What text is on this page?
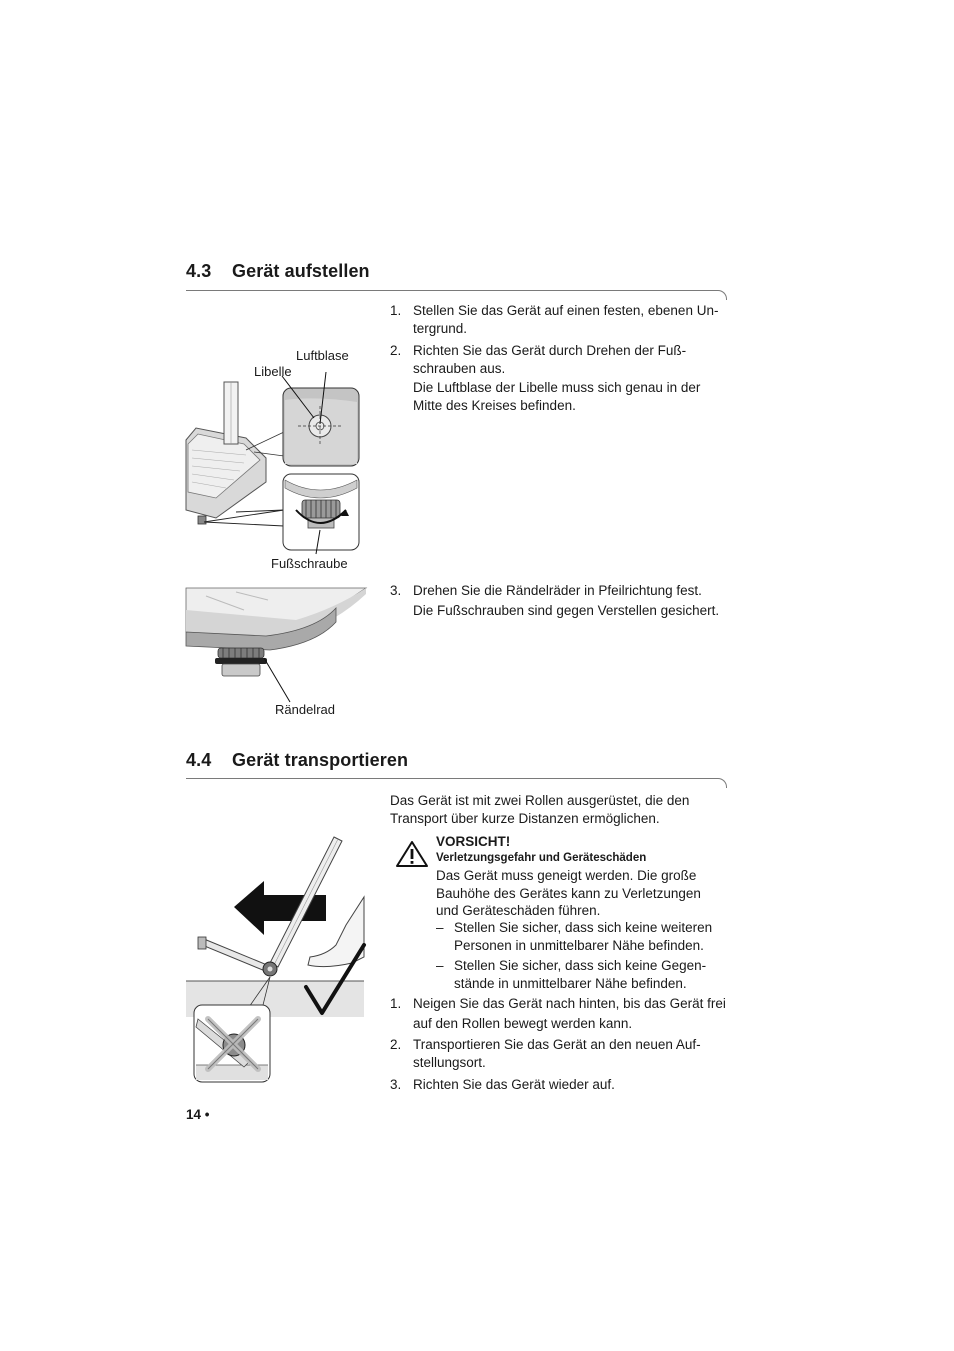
4.3 Gerät aufstellen
1. Stellen Sie das Gerät auf einen festen, ebenen Un-
tergrund.
2. Richten Sie das Gerät durch Drehen der Fuß-
schrauben aus.
Die Luftblase der Libelle muss sich genau in der
Mitte des Kreises befinden.
Luftblase
Libelle
Fußschraube
3. Drehen Sie die Rändelräder in Pfeilrichtung fest.
Die Fußschrauben sind gegen Verstellen gesichert.
Rändelrad
4.4 Gerät transportieren
Das Gerät ist mit zwei Rollen ausgerüstet, die den
Transport über kurze Distanzen ermöglichen.
VORSICHT!
Verletzungsgefahr und Geräteschäden
Das Gerät muss geneigt werden. Die große
Bauhöhe des Gerätes kann zu Verletzungen
und Geräteschäden führen.
– Stellen Sie sicher, dass sich keine weiteren
Personen in unmittelbarer Nähe befinden.
– Stellen Sie sicher, dass sich keine Gegen-
stände in unmittelbarer Nähe befinden.
1. Neigen Sie das Gerät nach hinten, bis das Gerät frei
auf den Rollen bewegt werden kann.
2. Transportieren Sie das Gerät an den neuen Auf-
stellungsort.
3. Richten Sie das Gerät wieder auf.
14 •
